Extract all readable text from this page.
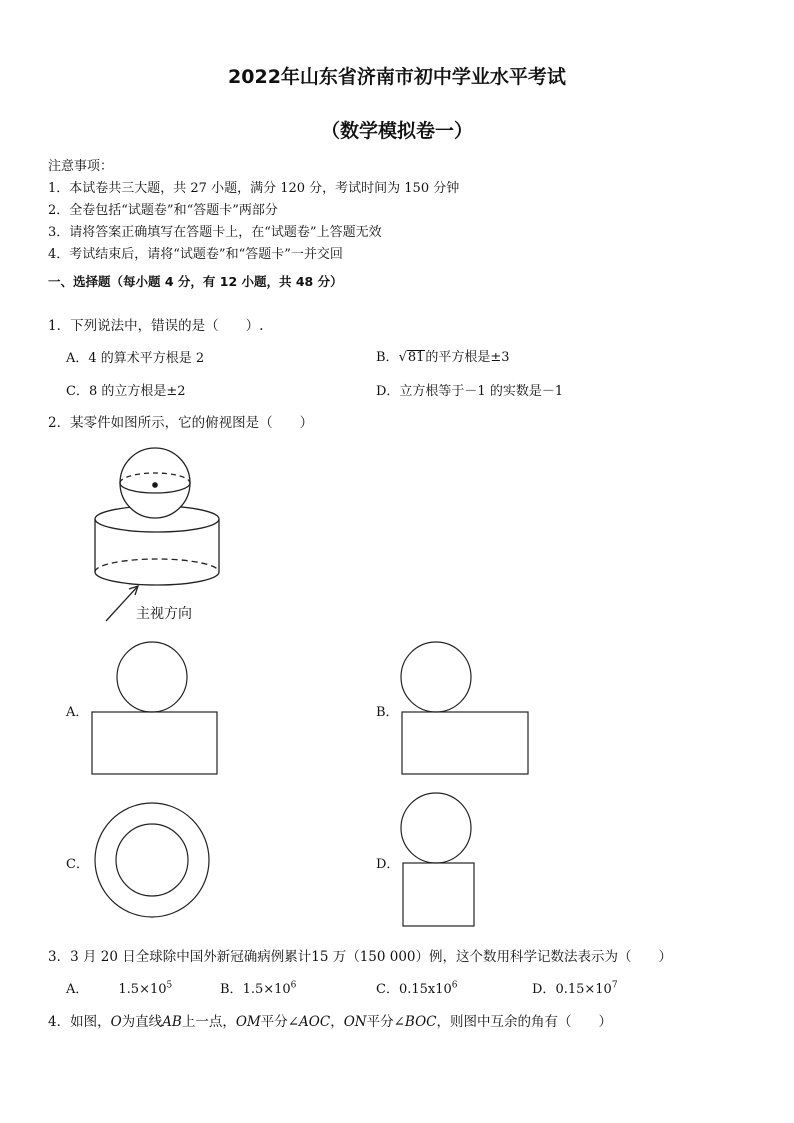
2022年山东省济南市初中学业水平考试
（数学模拟卷一）
注意事项：
1．本试卷共三大题，共 27 小题，满分 120 分，考试时间为 150 分钟
2．全卷包括“试题卷”和“答题卡”两部分
3．请将答案正确填写在答题卡上，在“试题卷”上答题无效
4．考试结束后，请将“试题卷”和“答题卡”一并交回
一、选择题（每小题 4 分，有 12 小题，共 48 分）
1．下列说法中，错误的是（　　）.
A．4 的算术平方根是 2	B．√81的平方根是±3
C．8 的立方根是±2	D．立方根等于－1 的实数是－1
2．某零件如图所示，它的俯视图是（　　）
主视方向
A．	B．
C．	D．
3．3 月 20 日全球除中国外新冠确病例累计15 万（150 000）例，这个数用科学记数法表示为（　　）
A． $1.5\times 10^5$	B．$1.5\times 10^6$	C．$0.15x10^6$	D．$0.15\times 10^7$
4．如图，O为直线AB上一点，OM平分∠AOC，ON平分∠BOC，则图中互余的角有（　　）
